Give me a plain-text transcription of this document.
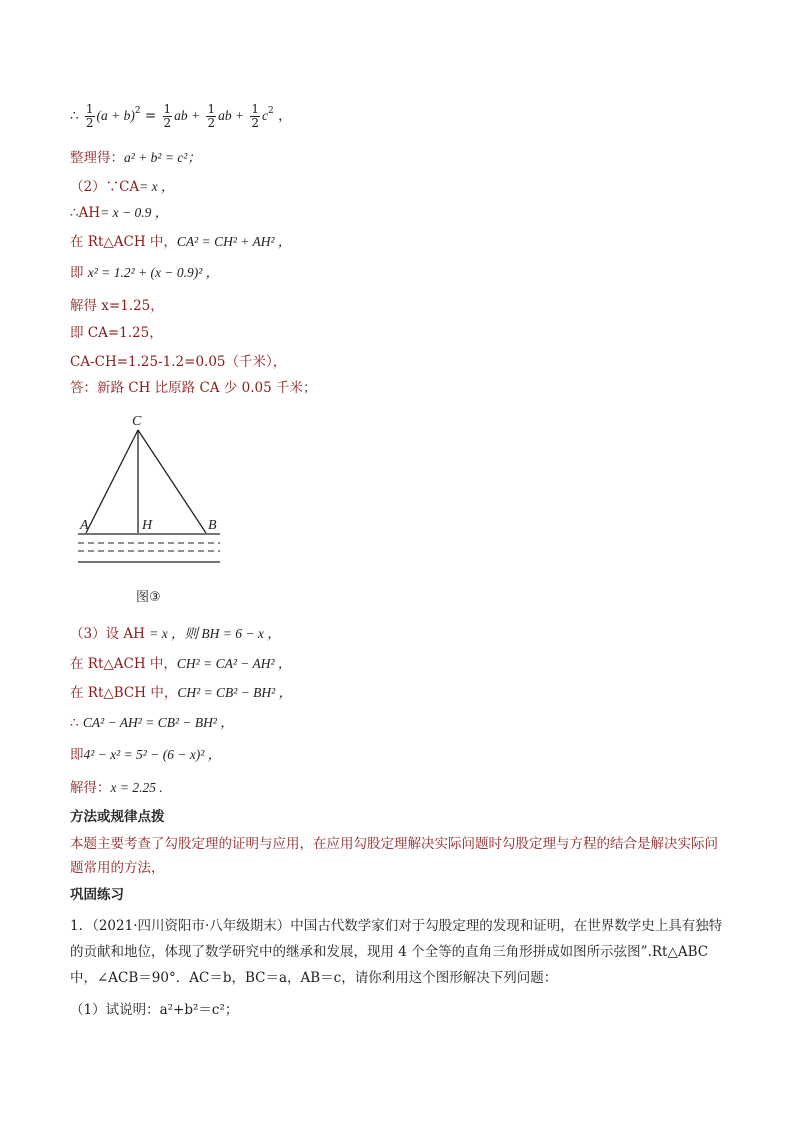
∴ $\frac{1}{2} (a + b)^2 = \frac{1}{2}$ ab + $\frac{1}{2}$ ab + $\frac{1}{2} c^2$ ，
整理得：a² + b² = c²；
（2）∵CA= x ，
∴AH= x − 0.9 ，
在 Rt△ACH 中，CA² = CH² + AH² ，
即 x² = 1.2² + (x − 0.9)² ，
解得 x=1.25，
即 CA=1.25，
CA-CH=1.25-1.2=0.05（千米），
答：新路 CH 比原路 CA 少 0.05 千米；
C
A	H	B
图③
（3）设 AH = x ，则 BH = 6 − x ，
在 Rt△ACH 中，CH² = CA² − AH² ，
在 Rt△BCH 中，CH² = CB² − BH² ，
∴ CA² − AH² = CB² − BH² ，
即4² − x² = 5² − (6 − x)² ，
解得：x = 2.25 .
方法或规律点拨
本题主要考查了勾股定理的证明与应用，在应用勾股定理解决实际问题时勾股定理与方程的结合是解决实际问题常用的方法，
巩固练习
1．（2021·四川资阳市·八年级期末）中国古代数学家们对于勾股定理的发现和证明，在世界数学史上具有独特的贡献和地位，体现了数学研究中的继承和发展，现用 4 个全等的直角三角形拼成如图所示弦图”.Rt△ABC 中，∠ACB＝90°．AC＝b，BC＝a，AB＝c，请你利用这个图形解决下列问题：
（1）试说明：a²+b²＝c²；
